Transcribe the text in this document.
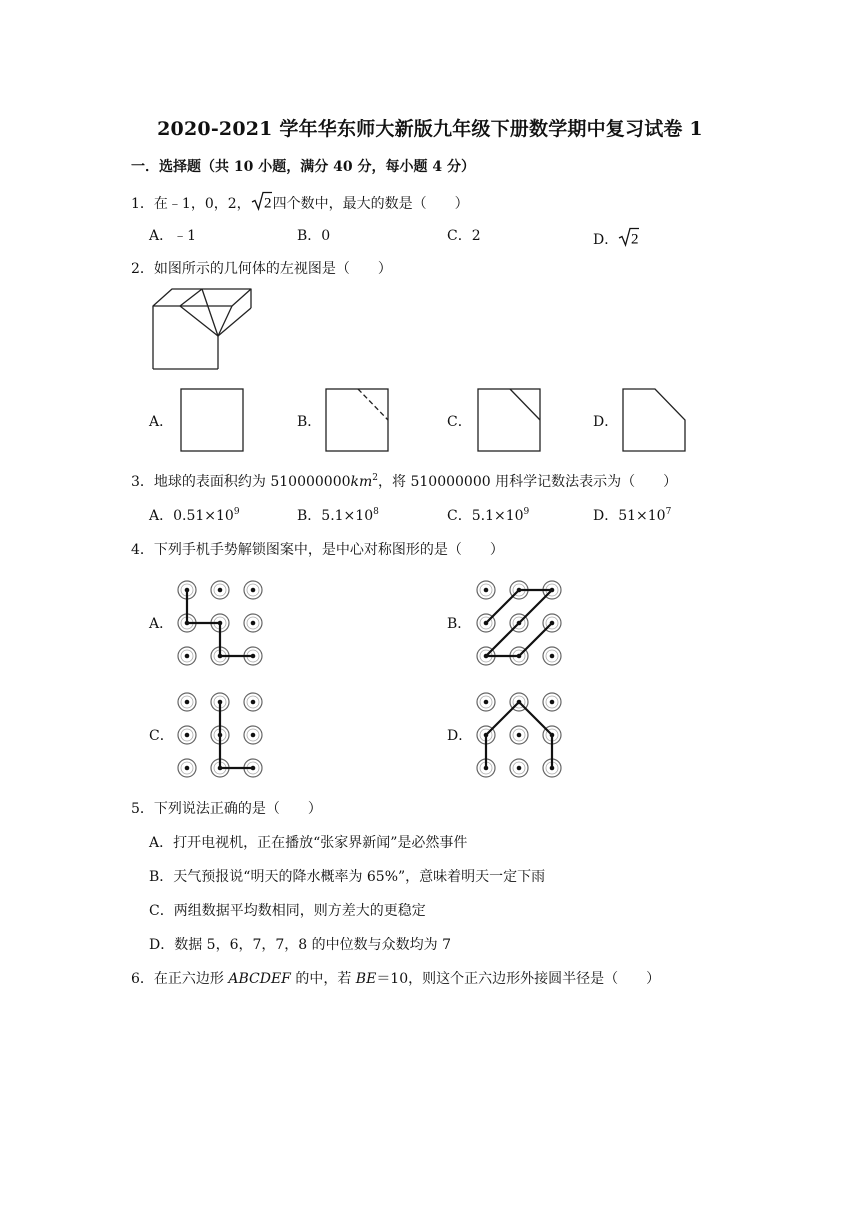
2020-2021 学年华东师大新版九年级下册数学期中复习试卷 1
一．选择题（共 10 小题，满分 40 分，每小题 4 分）
1．在﹣1，0，2， 2 四个数中，最大的数是（　　）
A．﹣1	B．0	C．2	D． 2
2．如图所示的几何体的左视图是（　　）
A．	B．	C．	D．
3．地球的表面积约为 $510000000km^2$，将 510000000 用科学记数法表示为（　　）
A．$0.51\times 10^9$	B．$5.1\times 10^8$	C．$5.1\times 10^9$	D．$51\times 10^7$
4．下列手机手势解锁图案中，是中心对称图形的是（　　）
A．	B．
C．	D．
5．下列说法正确的是（　　）
A．打开电视机，正在播放“张家界新闻”是必然事件
B．天气预报说“明天的降水概率为 65%”，意味着明天一定下雨
C．两组数据平均数相同，则方差大的更稳定
D．数据 5，6，7，7，8 的中位数与众数均为 7
6．在正六边形 ABCDEF 的中，若 BE＝10，则这个正六边形外接圆半径是（　　）
